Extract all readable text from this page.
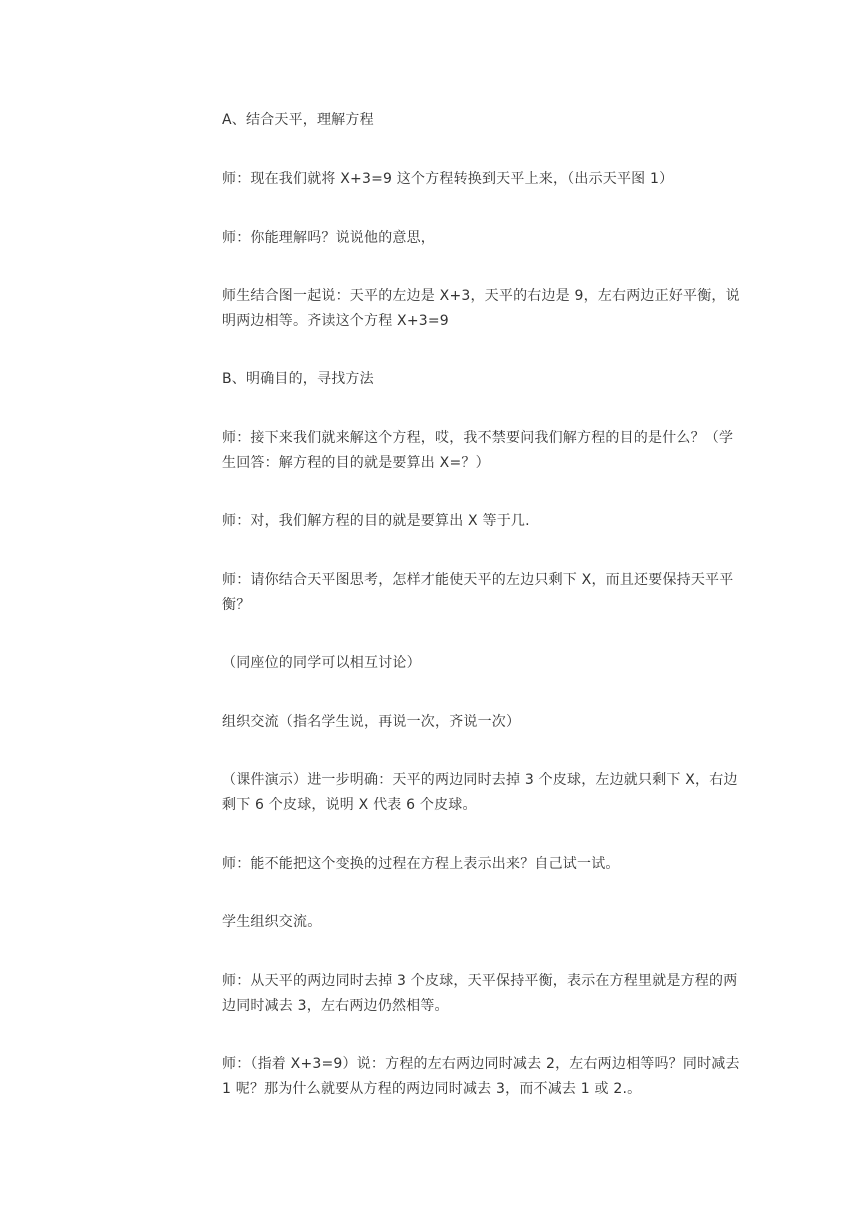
A、结合天平，理解方程

师：现在我们就将 X+3=9 这个方程转换到天平上来，（出示天平图 1）

师：你能理解吗？说说他的意思，

师生结合图一起说：天平的左边是 X+3，天平的右边是 9，左右两边正好平衡，说明两边相等。齐读这个方程 X+3=9

B、明确目的，寻找方法

师：接下来我们就来解这个方程，哎，我不禁要问我们解方程的目的是什么？（学生回答：解方程的目的就是要算出 X=？）

师：对，我们解方程的目的就是要算出 X 等于几.

师：请你结合天平图思考，怎样才能使天平的左边只剩下 X，而且还要保持天平平衡？

（同座位的同学可以相互讨论）

组织交流（指名学生说，再说一次，齐说一次）

（课件演示）进一步明确：天平的两边同时去掉 3 个皮球，左边就只剩下 X，右边剩下 6 个皮球，说明 X 代表 6 个皮球。

师：能不能把这个变换的过程在方程上表示出来？自己试一试。

学生组织交流。

师：从天平的两边同时去掉 3 个皮球，天平保持平衡，表示在方程里就是方程的两边同时减去 3，左右两边仍然相等。

师：（指着 X+3=9）说：方程的左右两边同时减去 2，左右两边相等吗？同时减去 1 呢？那为什么就要从方程的两边同时减去 3，而不减去 1 或 2.。
